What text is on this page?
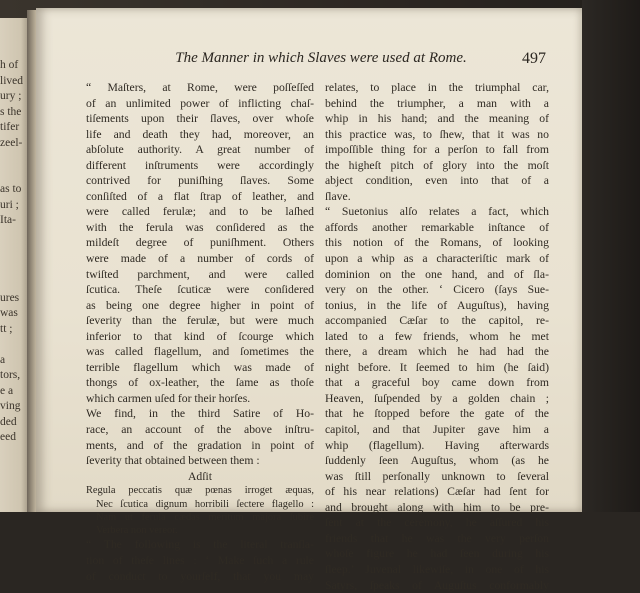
h of
lived
ury ;
s the
tifer
zeel-
as to
uri ;
Ita-
ures
was
tt ;
a
tors,
e a
ving
ded
eed
The Manner in which Slaves were used at Rome.	497
“ Maſters, at Rome, were poſſeſſed
of an unlimited power of inflicting chaſ-
tiſements upon their ſlaves, over whoſe
life and death they had, moreover, an
abſolute authority. A great number of
different inſtruments were accordingly
contrived for puniſhing ſlaves. Some
conſiſted of a flat ſtrap of leather, and
were called ferulæ; and to be laſhed
with the ferula was conſidered as the
mildeſt degree of puniſhment. Others
were made of a number of cords of
twiſted parchment, and were called
ſcutica. Theſe ſcuticæ were conſidered
as being one degree higher in point of
ſeverity than the ferulæ, but were much
inferior to that kind of ſcourge which
was called flagellum, and ſometimes the
terrible flagellum which was made of
thongs of ox-leather, the ſame as thoſe
which carmen uſed for their horſes.
We find, in the third Satire of Ho-
race, an account of the above inſtru-
ments, and of the gradation in point of
ſeverity that obtained between them :
Adſit
Regula peccatis quæ pœnas irroget æquas,
Nec ſcutica dignum horribili ſectere flagello :
Nam ut ferula cædas meritum majora ſubire
Verbera non vereor.
“ The following is the literal tranſla-
tion of theſe lines : ‘ Make ſuch a rule
of conduct to yourſelf, that you may
relates, to place in the triumphal car,
behind the triumpher, a man with a
whip in his hand; and the meaning of
this practice was, to ſhew, that it was no
impoſſible thing for a perſon to fall from
the higheſt pitch of glory into the moſt
abject condition, even into that of a
ſlave.
“ Suetonius alſo relates a fact, which
affords another remarkable inſtance of
this notion of the Romans, of looking
upon a whip as a characteriſtic mark of
dominion on the one hand, and of ſla-
very on the other. ‘ Cicero (ſays Sue-
tonius, in the life of Auguſtus), having
accompanied Cæſar to the capitol, re-
lated to a few friends, whom he met
there, a dream which he had had the
night before. It ſeemed to him (he ſaid)
that a graceful boy came down from
Heaven, ſuſpended by a golden chain ;
that he ſtopped before the gate of the
capitol, and that Jupiter gave him a
whip (flagellum). Having afterwards
ſuddenly ſeen Auguſtus, whom (as he
was ſtill perſonally unknown to ſeveral
of his near relations) Cæſar had ſent for
and brought along with him to be pre-
ſent at the ceremony, he aſſured his
friends that he was the very perſon
whoſe figure he had ſeen during his
ſleep.’ Juvenal likewiſe, in one of his
Satyrs, ſpeaks of Auguſtus conformably
